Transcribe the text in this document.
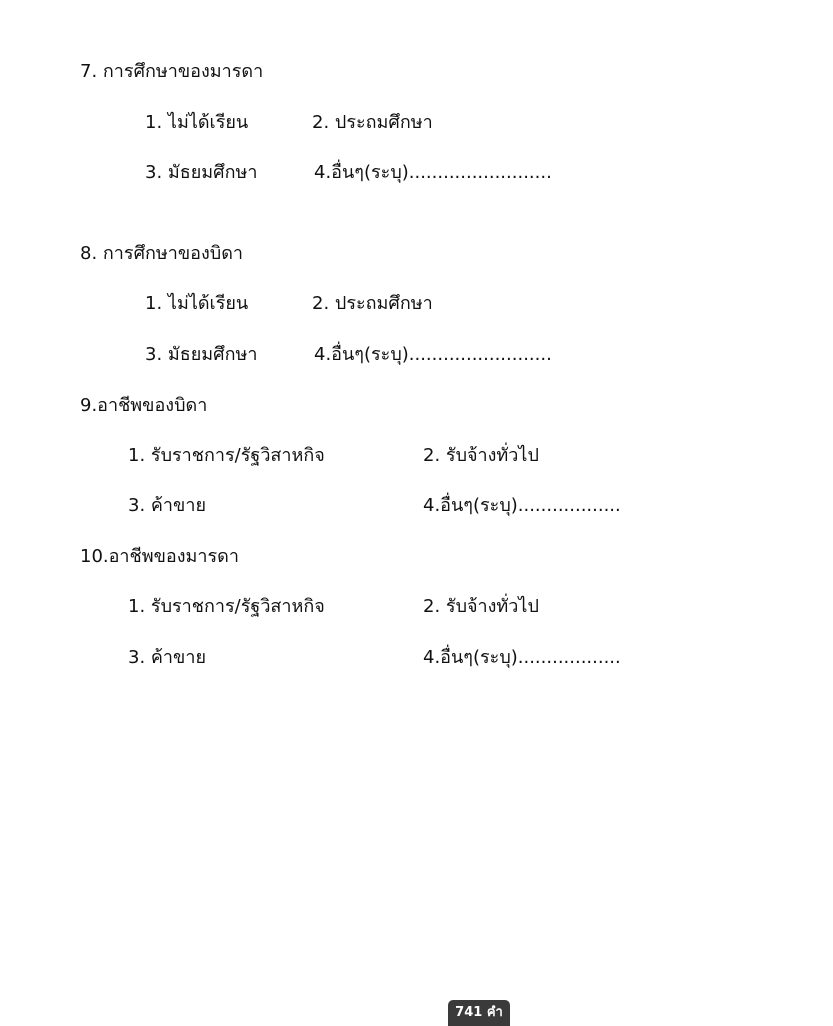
7. การศึกษาของมารดา
1. ไม่ได้เรียน	2. ประถมศึกษา
3. มัธยมศึกษา	4.อื่นๆ(ระบุ).........................
8. การศึกษาของบิดา
1. ไม่ได้เรียน	2. ประถมศึกษา
3. มัธยมศึกษา	4.อื่นๆ(ระบุ).........................
9.อาชีพของบิดา
1. รับราชการ/รัฐวิสาหกิจ	2. รับจ้างทั่วไป
3. ค้าขาย	4.อื่นๆ(ระบุ)..................
10.อาชีพของมารดา
1. รับราชการ/รัฐวิสาหกิจ	2. รับจ้างทั่วไป
3. ค้าขาย	4.อื่นๆ(ระบุ)..................
741 คำ
